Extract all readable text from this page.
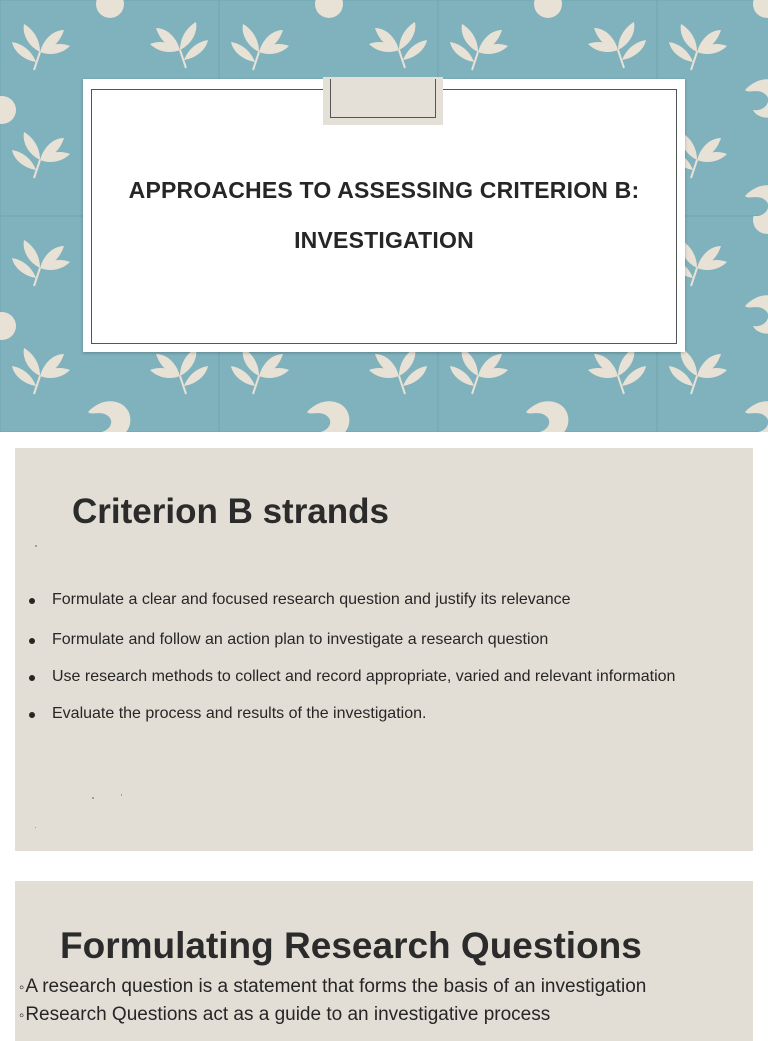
APPROACHES TO ASSESSING CRITERION B:
INVESTIGATION
Criterion B strands
Formulate a clear and focused research question and justify its relevance
Formulate and follow an action plan to investigate a research question
Use research methods to collect and record appropriate, varied and relevant information
Evaluate the process and results of the investigation.
Formulating Research Questions
◦A research question is a statement that forms the basis of an investigation
◦Research Questions act as a guide to an investigative process
